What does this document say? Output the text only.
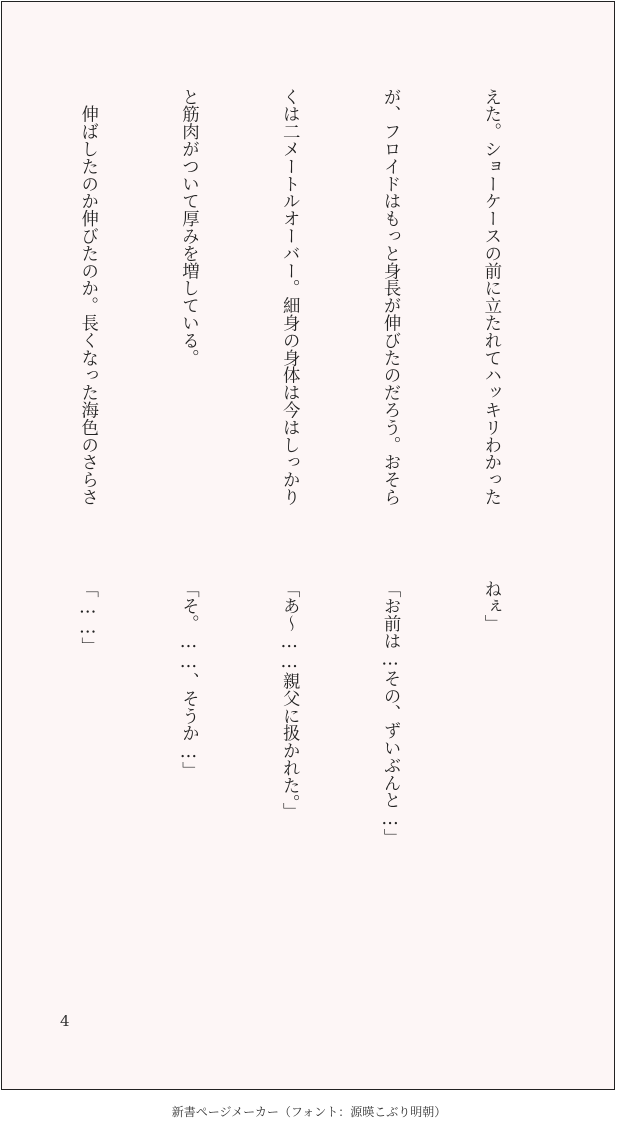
えた。ショーケースの前に立たれてハッキリわかった

が、フロイドはもっと身長が伸びたのだろう。おそら

くは二メートルオーバー。細身の身体は今はしっかり

と筋肉がついて厚みを増している。

　伸ばしたのか伸びたのか。長くなった海色のさらさ

ねぇ」

「お前は…その、ずいぶんと…」

「あ〜……親父に扱かれた。」

「そ。……、そうか…」

「……」

4
新書ページメーカー（フォント：源暎こぶり明朝）
